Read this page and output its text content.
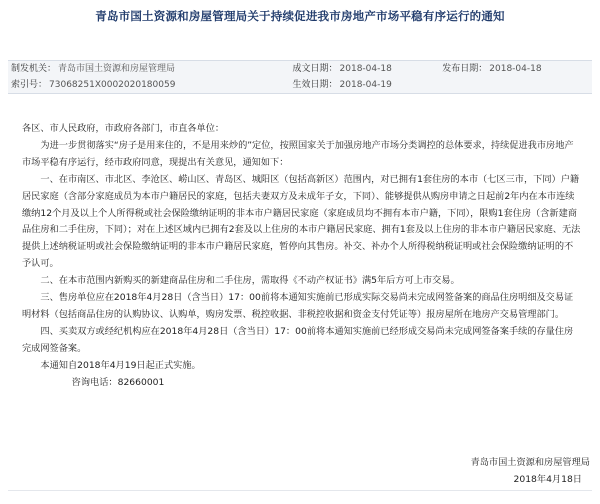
青岛市国土资源和房屋管理局关于持续促进我市房地产市场平稳有序运行的通知
制发机关： 青岛市国土资源和房屋管理局	成文日期： 2018-04-18	发布日期： 2018-04-18
索引号： 73068251X0002020180059	生效日期： 2018-04-19

各区、市人民政府，市政府各部门，市直各单位：

为进一步贯彻落实“房子是用来住的，不是用来炒的”定位，按照国家关于加强房地产市场分类调控的总体要求，持续促进我市房地产市场平稳有序运行，经市政府同意，现提出有关意见，通知如下：

一、在市南区、市北区、李沧区、崂山区、青岛区、城阳区（包括高新区）范围内，对已拥有1套住房的本市（七区三市，下同）户籍居民家庭（含部分家庭成员为本市户籍居民的家庭，包括夫妻双方及未成年子女，下同）、能够提供从购房申请之日起前2年内在本市连续缴纳12个月及以上个人所得税或社会保险缴纳证明的非本市户籍居民家庭（家庭成员均不拥有本市户籍，下同），限购1套住房（含新建商品住房和二手住房，下同）；对在上述区域内已拥有2套及以上住房的本市户籍居民家庭、拥有1套及以上住房的非本市户籍居民家庭、无法提供上述纳税证明或社会保险缴纳证明的非本市户籍居民家庭，暂停向其售房。补交、补办个人所得税纳税证明或社会保险缴纳证明的不予认可。

二、在本市范围内新购买的新建商品住房和二手住房，需取得《不动产权证书》满5年后方可上市交易。

三、售房单位应在2018年4月28日（含当日）17：00前将本通知实施前已形成实际交易尚未完成网签备案的商品住房明细及交易证明材料（包括商品住房的认购协议、认购单，购房发票、税控收据、非税控收据和资金支付凭证等）报房屋所在地房产交易管理部门。

四、买卖双方或经纪机构应在2018年4月28日（含当日）17：00前将本通知实施前已经形成交易尚未完成网签备案手续的存量住房完成网签备案。

本通知自2018年4月19日起正式实施。

咨询电话：82660001

青岛市国土资源和房屋管理局
2018年4月18日
